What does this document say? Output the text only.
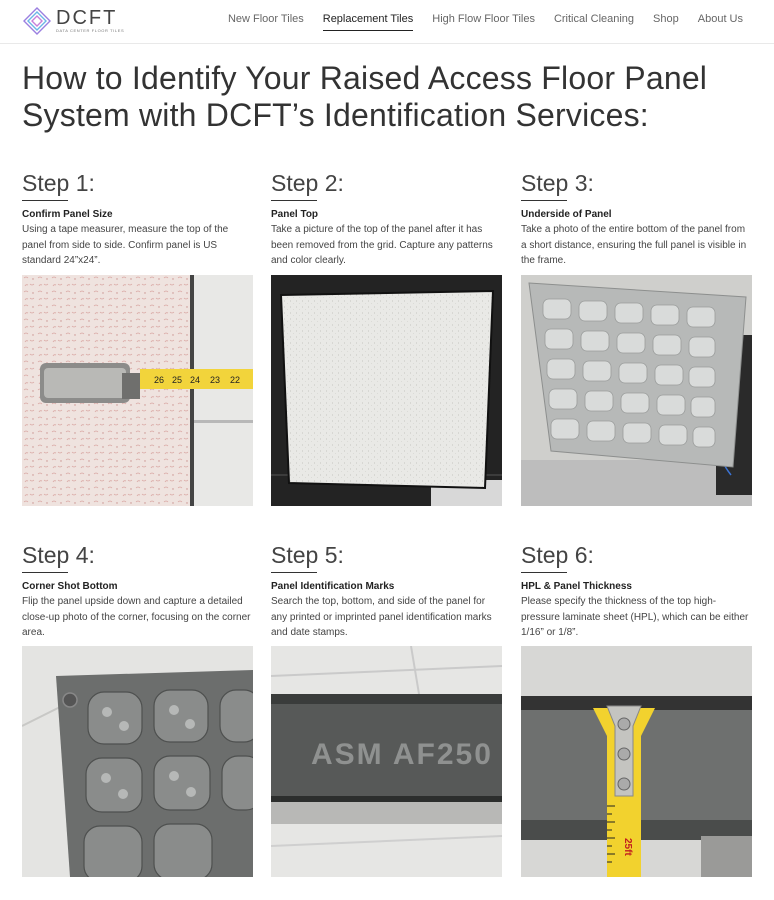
DCFT
DATA CENTER FLOOR TILES
New Floor Tiles Replacement Tiles High Flow Floor Tiles Critical Cleaning Shop About Us
How to Identify Your Raised Access Floor Panel System with DCFT’s Identification Services:
Step 1:
Confirm Panel Size
Using a tape measurer, measure the top of the panel from side to side. Confirm panel is US standard 24”x24”.
26 25 24 23 22
Step 2:
Panel Top
Take a picture of the top of the panel after it has been removed from the grid. Capture any patterns and color clearly.
Step 3:
Underside of Panel
Take a photo of the entire bottom of the panel from a short distance, ensuring the full panel is visible in the frame.
Step 4:
Corner Shot Bottom
Flip the panel upside down and capture a detailed close-up photo of the corner, focusing on the corner area.
Step 5:
Panel Identification Marks
Search the top, bottom, and side of the panel for any printed or imprinted panel identification marks and date stamps.
ASM AF250
Step 6:
HPL & Panel Thickness
Please specify the thickness of the top high-pressure laminate sheet (HPL), which can be either 1/16” or 1/8”.
25ft
